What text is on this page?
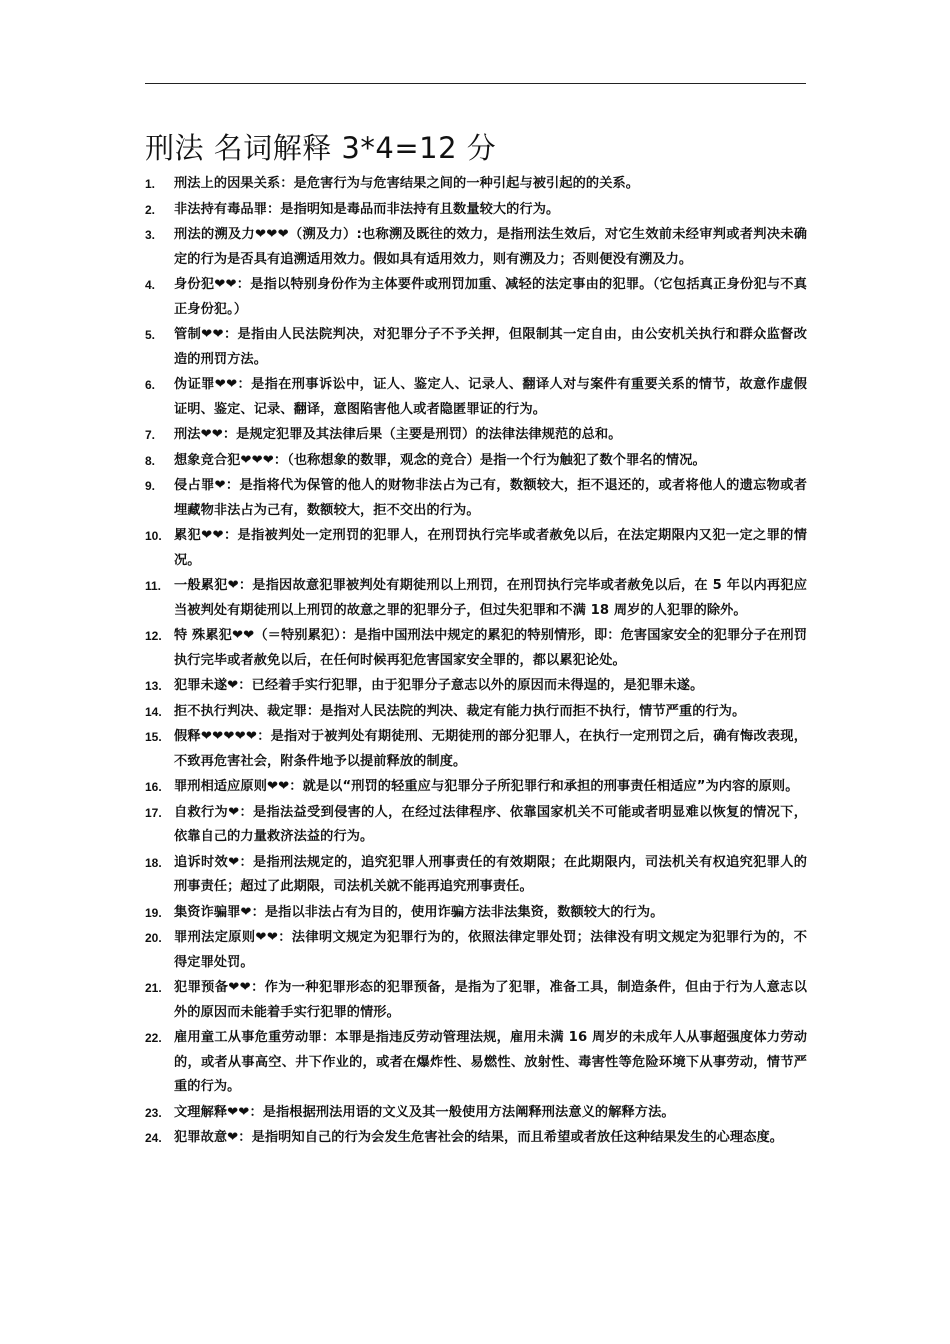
刑法 名词解释 3*4=12 分
1.	刑法上的因果关系：是危害行为与危害结果之间的一种引起与被引起的的关系。
2.	非法持有毒品罪：是指明知是毒品而非法持有且数量较大的行为。
3.	刑法的溯及力❤❤❤（溯及力）:也称溯及既往的效力，是指刑法生效后，对它生效前未经审判或者判决未确定的行为是否具有追溯适用效力。假如具有适用效力，则有溯及力；否则便没有溯及力。
4.	身份犯❤❤：是指以特别身份作为主体要件或刑罚加重、减轻的法定事由的犯罪。（它包括真正身份犯与不真正身份犯。）
5.	管制❤❤：是指由人民法院判决，对犯罪分子不予关押，但限制其一定自由，由公安机关执行和群众监督改造的刑罚方法。
6.	伪证罪❤❤：是指在刑事诉讼中，证人、鉴定人、记录人、翻译人对与案件有重要关系的情节，故意作虚假证明、鉴定、记录、翻译，意图陷害他人或者隐匿罪证的行为。
7.	刑法❤❤：是规定犯罪及其法律后果（主要是刑罚）的法律法律规范的总和。
8.	想象竞合犯❤❤❤：（也称想象的数罪，观念的竞合）是指一个行为触犯了数个罪名的情况。
9.	侵占罪❤：是指将代为保管的他人的财物非法占为己有，数额较大，拒不退还的，或者将他人的遗忘物或者埋藏物非法占为己有，数额较大，拒不交出的行为。
10. 累犯❤❤：是指被判处一定刑罚的犯罪人，在刑罚执行完毕或者赦免以后，在法定期限内又犯一定之罪的情况。
11. 一般累犯❤：是指因故意犯罪被判处有期徒刑以上刑罚，在刑罚执行完毕或者赦免以后，在 5 年以内再犯应当被判处有期徒刑以上刑罚的故意之罪的犯罪分子，但过失犯罪和不满 18 周岁的人犯罪的除外。
12. 特 殊累犯❤❤（＝特别累犯）：是指中国刑法中规定的累犯的特别情形，即：危害国家安全的犯罪分子在刑罚执行完毕或者赦免以后，在任何时候再犯危害国家安全罪的，都以累犯论处。
13. 犯罪未遂❤：已经着手实行犯罪，由于犯罪分子意志以外的原因而未得逞的，是犯罪未遂。
14. 拒不执行判决、裁定罪：是指对人民法院的判决、裁定有能力执行而拒不执行，情节严重的行为。
15. 假释❤❤❤❤❤：是指对于被判处有期徒刑、无期徒刑的部分犯罪人，在执行一定刑罚之后，确有悔改表现，不致再危害社会，附条件地予以提前释放的制度。
16. 罪刑相适应原则❤❤：就是以“刑罚的轻重应与犯罪分子所犯罪行和承担的刑事责任相适应”为内容的原则。
17. 自救行为❤：是指法益受到侵害的人，在经过法律程序、依靠国家机关不可能或者明显难以恢复的情况下，依靠自己的力量救济法益的行为。
18. 追诉时效❤：是指刑法规定的，追究犯罪人刑事责任的有效期限；在此期限内，司法机关有权追究犯罪人的刑事责任；超过了此期限，司法机关就不能再追究刑事责任。
19. 集资诈骗罪❤：是指以非法占有为目的，使用诈骗方法非法集资，数额较大的行为。
20. 罪刑法定原则❤❤：法律明文规定为犯罪行为的，依照法律定罪处罚；法律没有明文规定为犯罪行为的，不得定罪处罚。
21. 犯罪预备❤❤：作为一种犯罪形态的犯罪预备，是指为了犯罪，准备工具，制造条件，但由于行为人意志以外的原因而未能着手实行犯罪的情形。
22. 雇用童工从事危重劳动罪：本罪是指违反劳动管理法规，雇用未满 16 周岁的未成年人从事超强度体力劳动的，或者从事高空、井下作业的，或者在爆炸性、易燃性、放射性、毒害性等危险环境下从事劳动，情节严重的行为。
23. 文理解释❤❤：是指根据刑法用语的文义及其一般使用方法阐释刑法意义的解释方法。
24. 犯罪故意❤：是指明知自己的行为会发生危害社会的结果，而且希望或者放任这种结果发生的心理态度。
